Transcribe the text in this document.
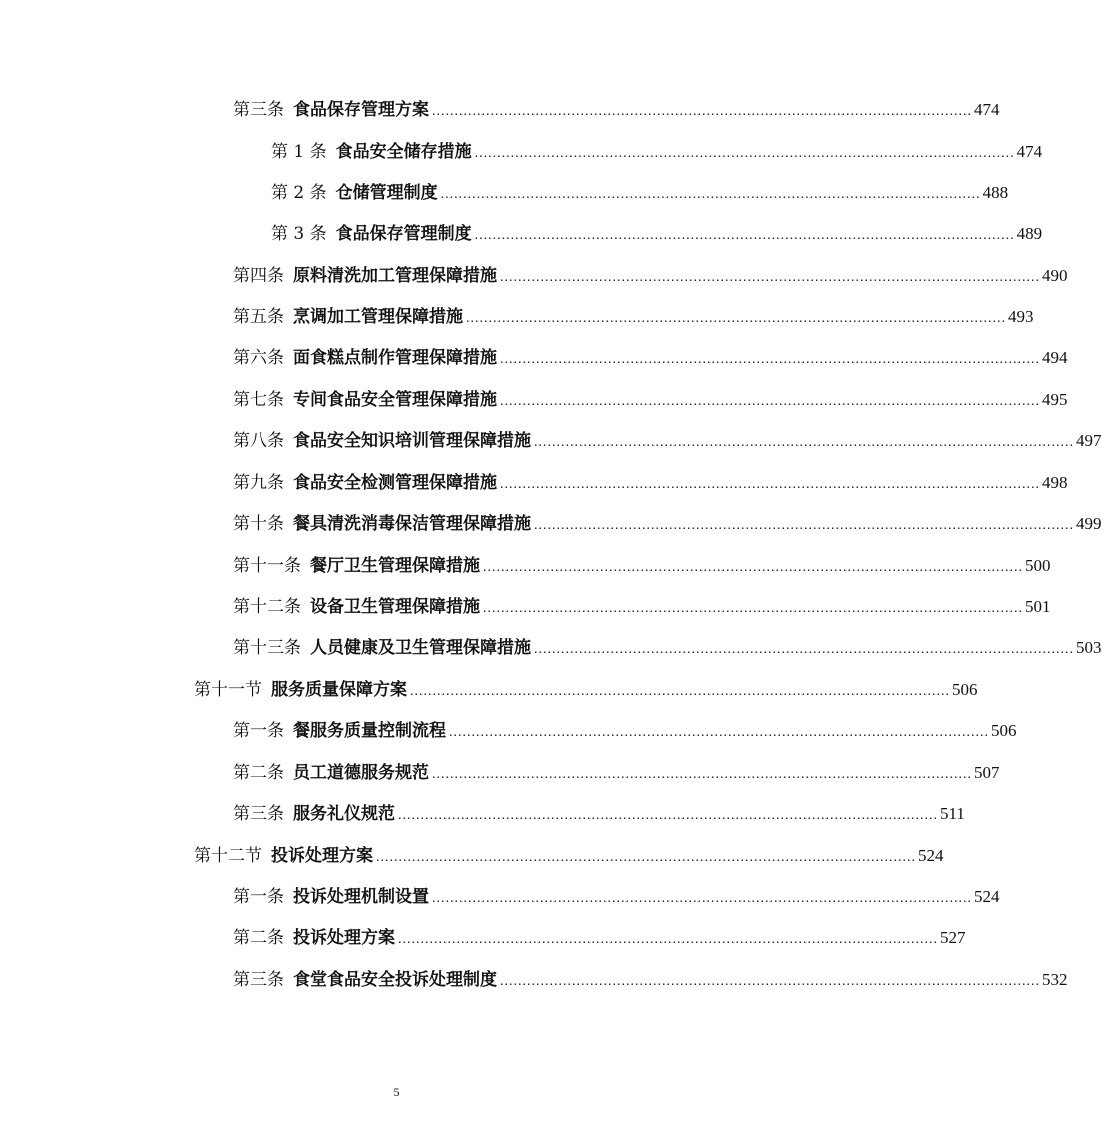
第三条 食品保存管理方案 ........................................................................................................................ 474
第 1 条 食品安全储存措施 ........................................................................................................................ 474
第 2 条 仓储管理制度 ........................................................................................................................ 488
第 3 条 食品保存管理制度 ........................................................................................................................ 489
第四条 原料清洗加工管理保障措施 ........................................................................................................................ 490
第五条 烹调加工管理保障措施 ........................................................................................................................ 493
第六条 面食糕点制作管理保障措施 ........................................................................................................................ 494
第七条 专间食品安全管理保障措施 ........................................................................................................................ 495
第八条 食品安全知识培训管理保障措施 ........................................................................................................................ 497
第九条 食品安全检测管理保障措施 ........................................................................................................................ 498
第十条 餐具清洗消毒保洁管理保障措施 ........................................................................................................................ 499
第十一条 餐厅卫生管理保障措施 ........................................................................................................................ 500
第十二条 设备卫生管理保障措施 ........................................................................................................................ 501
第十三条 人员健康及卫生管理保障措施 ........................................................................................................................ 503
第十一节 服务质量保障方案 ........................................................................................................................ 506
第一条 餐服务质量控制流程 ........................................................................................................................ 506
第二条 员工道德服务规范 ........................................................................................................................ 507
第三条 服务礼仪规范 ........................................................................................................................ 511
第十二节 投诉处理方案 ........................................................................................................................ 524
第一条 投诉处理机制设置 ........................................................................................................................ 524
第二条 投诉处理方案 ........................................................................................................................ 527
第三条 食堂食品安全投诉处理制度 ........................................................................................................................ 532
5
